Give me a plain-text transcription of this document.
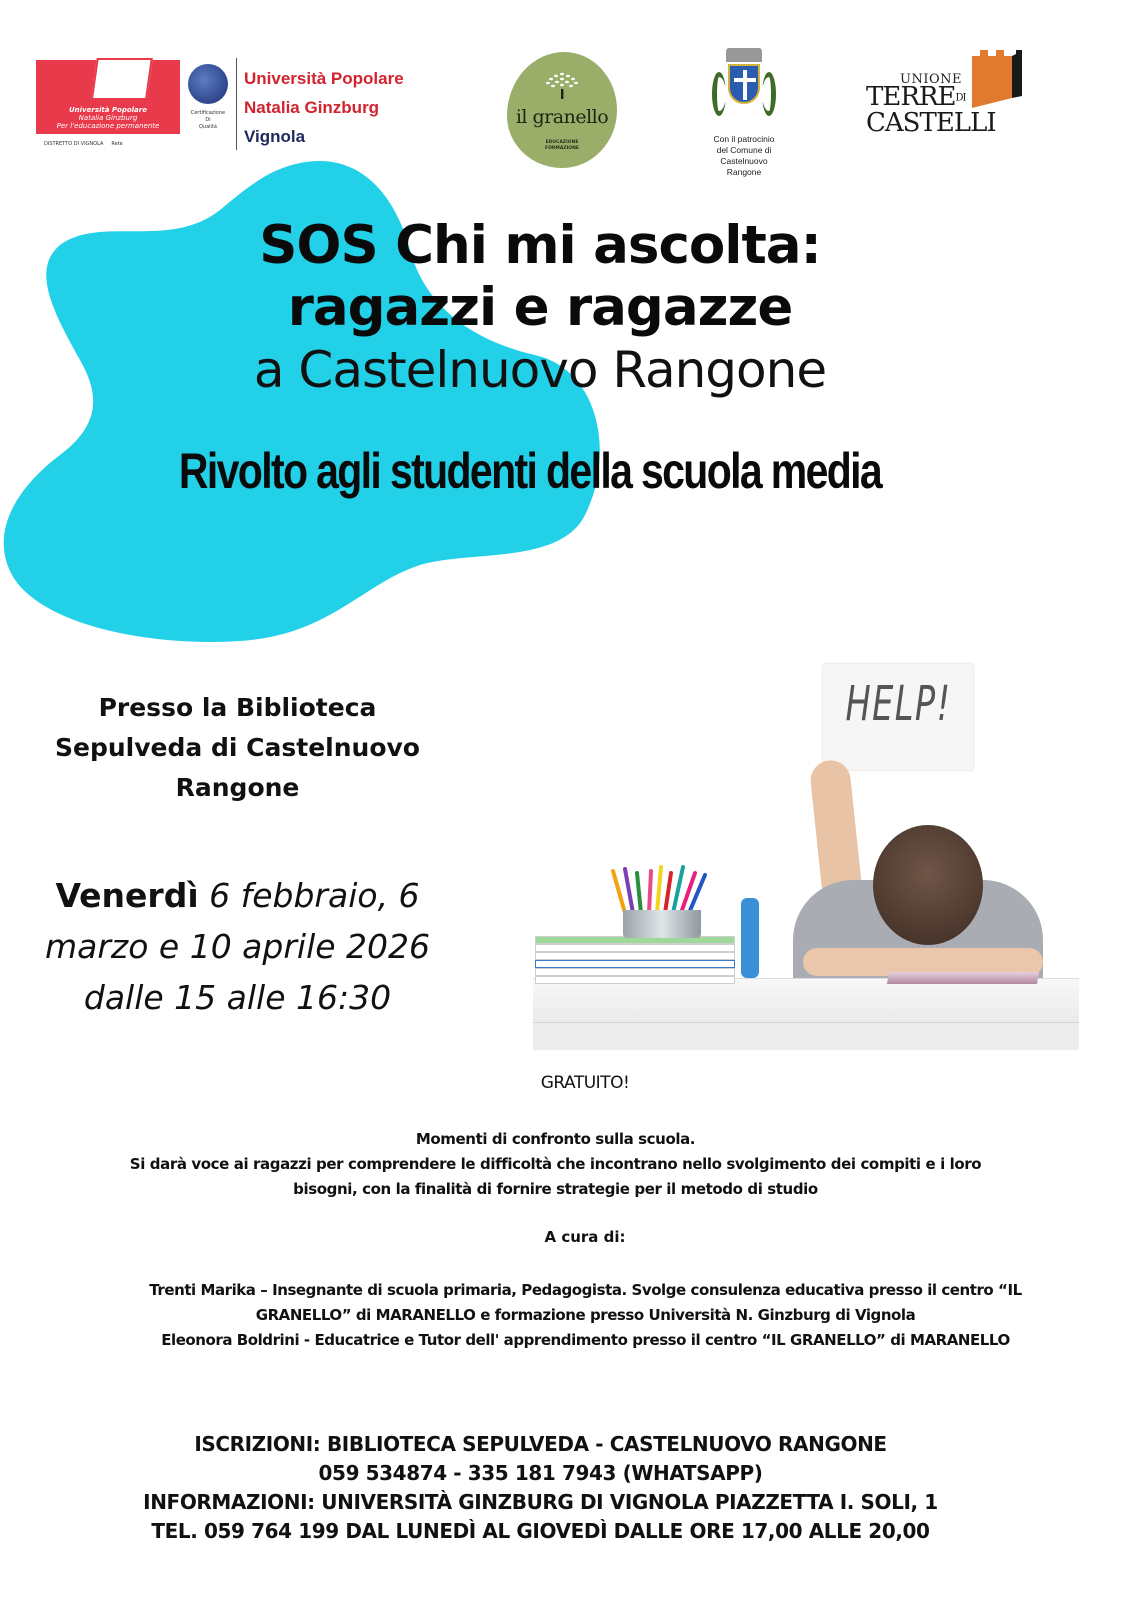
Università Popolare
Natalia Ginzburg
Per l'educazione permanente
DISTRETTO DI VIGNOLA Rete
Certificazione
Di
Qualità
Università Popolare
Natalia Ginzburg
Vignola
il granello
EDUCAZIONE
FORMAZIONE
Con il patrocinio
del Comune di
Castelnuovo
Rangone
UNIONE
TERREDI
CASTELLI
SOS Chi mi ascolta:
ragazzi e ragazze
a Castelnuovo Rangone
Rivolto agli studenti della scuola media
Presso la Biblioteca
Sepulveda di Castelnuovo
Rangone
Venerdì 6 febbraio, 6
marzo e 10 aprile 2026
dalle 15 alle 16:30
HELP!
GRATUITO!
Momenti di confronto sulla scuola.
Si darà voce ai ragazzi per comprendere le difficoltà che incontrano nello svolgimento dei compiti e i loro
bisogni, con la finalità di fornire strategie per il metodo di studio
A cura di:
Trenti Marika – Insegnante di scuola primaria, Pedagogista. Svolge consulenza educativa presso il centro “IL
GRANELLO” di MARANELLO e formazione presso Università N. Ginzburg di Vignola
Eleonora Boldrini - Educatrice e Tutor dell' apprendimento presso il centro “IL GRANELLO” di MARANELLO
ISCRIZIONI: BIBLIOTECA SEPULVEDA - CASTELNUOVO RANGONE
059 534874 - 335 181 7943 (WHATSAPP)
INFORMAZIONI: UNIVERSITÀ GINZBURG DI VIGNOLA PIAZZETTA I. SOLI, 1
TEL. 059 764 199 DAL LUNEDÌ AL GIOVEDÌ DALLE ORE 17,00 ALLE 20,00
